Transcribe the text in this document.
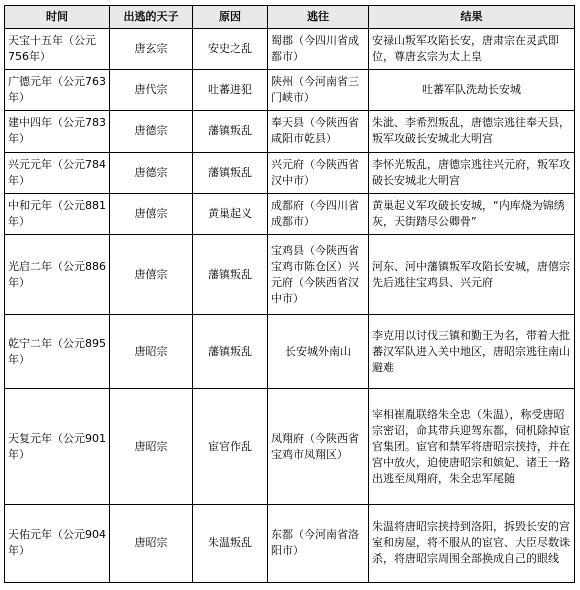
时间	出逃的天子	原因	逃往	结果
天宝十五年（公元756年）	唐玄宗	安史之乱	蜀郡（今四川省成都市）	安禄山叛军攻陷长安，唐肃宗在灵武即位，尊唐玄宗为太上皇
广德元年（公元763年）	唐代宗	吐蕃进犯	陕州（今河南省三门峡市）	吐蕃军队洗劫长安城
建中四年（公元783年）	唐德宗	藩镇叛乱	奉天县（今陕西省咸阳市乾县）	朱泚、李希烈叛乱，唐德宗逃往奉天县，叛军攻破长安城北大明宫
兴元元年（公元784年）	唐德宗	藩镇叛乱	兴元府（今陕西省汉中市）	李怀光叛乱，唐德宗逃往兴元府，叛军攻破长安城北大明宫
中和元年（公元881年）	唐僖宗	黄巢起义	成都府（今四川省成都市）	黄巢起义军攻破长安城，“内库烧为锦绣灰，天街踏尽公卿骨”
光启二年（公元886年）	唐僖宗	藩镇叛乱	宝鸡县（今陕西省宝鸡市陈仓区）兴元府（今陕西省汉中市）	河东、河中藩镇叛军攻陷长安城，唐僖宗先后逃往宝鸡县、兴元府
乾宁二年（公元895年）	唐昭宗	藩镇叛乱	长安城外南山	李克用以讨伐三镇和勤王为名，带着大批蕃汉军队进入关中地区，唐昭宗逃往南山避难
天复元年（公元901年）	唐昭宗	宦官作乱	凤翔府（今陕西省宝鸡市凤翔区）	宰相崔胤联络朱全忠（朱温），称受唐昭宗密诏，命其带兵迎驾东都，伺机除掉宦官集团。宦官和禁军将唐昭宗挟持，并在宫中放火，迫使唐昭宗和嫔妃、诸王一路出逃至凤翔府，朱全忠军尾随
天佑元年（公元904年）	唐昭宗	朱温叛乱	东都（今河南省洛阳市）	朱温将唐昭宗挟持到洛阳，拆毁长安的宫室和房屋，将不服从的宦官、大臣尽数诛杀，将唐昭宗周围全部换成自己的眼线
